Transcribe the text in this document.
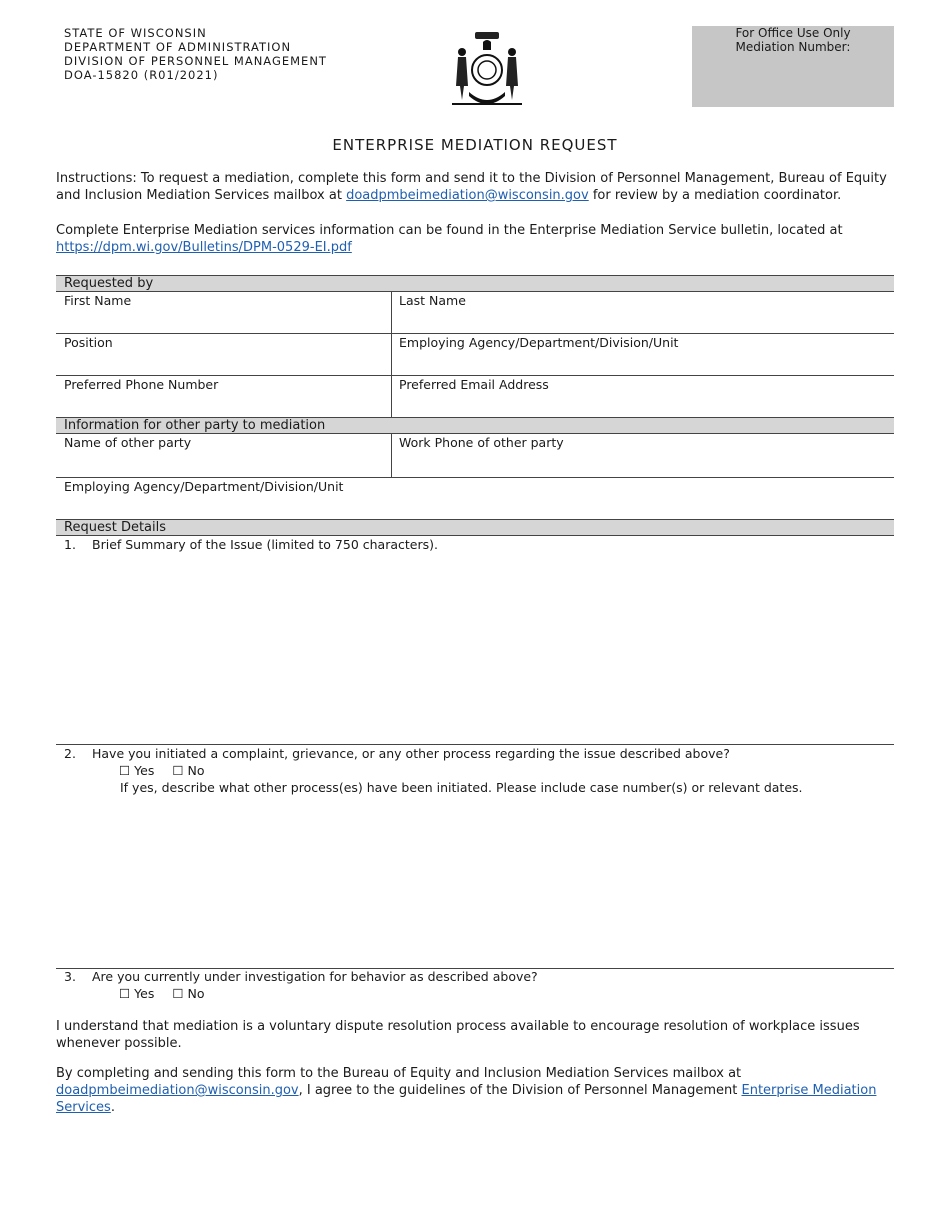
STATE OF WISCONSIN
DEPARTMENT OF ADMINISTRATION
DIVISION OF PERSONNEL MANAGEMENT
DOA-15820 (R01/2021)
For Office Use Only
Mediation Number:
ENTERPRISE MEDIATION REQUEST
Instructions: To request a mediation, complete this form and send it to the Division of Personnel Management, Bureau of Equity and Inclusion Mediation Services mailbox at doadpmbeimediation@wisconsin.gov for review by a mediation coordinator.
Complete Enterprise Mediation services information can be found in the Enterprise Mediation Service bulletin, located at
https://dpm.wi.gov/Bulletins/DPM-0529-EI.pdf
Requested by
First Name	Last Name
Position	Employing Agency/Department/Division/Unit
Preferred Phone Number	Preferred Email Address
Information for other party to mediation
Name of other party	Work Phone of other party
Employing Agency/Department/Division/Unit
Request Details
1. Brief Summary of the Issue (limited to 750 characters).
2. Have you initiated a complaint, grievance, or any other process regarding the issue described above?
☐ Yes ☐ No
If yes, describe what other process(es) have been initiated. Please include case number(s) or relevant dates.
3. Are you currently under investigation for behavior as described above?
☐ Yes ☐ No
I understand that mediation is a voluntary dispute resolution process available to encourage resolution of workplace issues whenever possible.
By completing and sending this form to the Bureau of Equity and Inclusion Mediation Services mailbox at doadpmbeimediation@wisconsin.gov, I agree to the guidelines of the Division of Personnel Management Enterprise Mediation Services.
